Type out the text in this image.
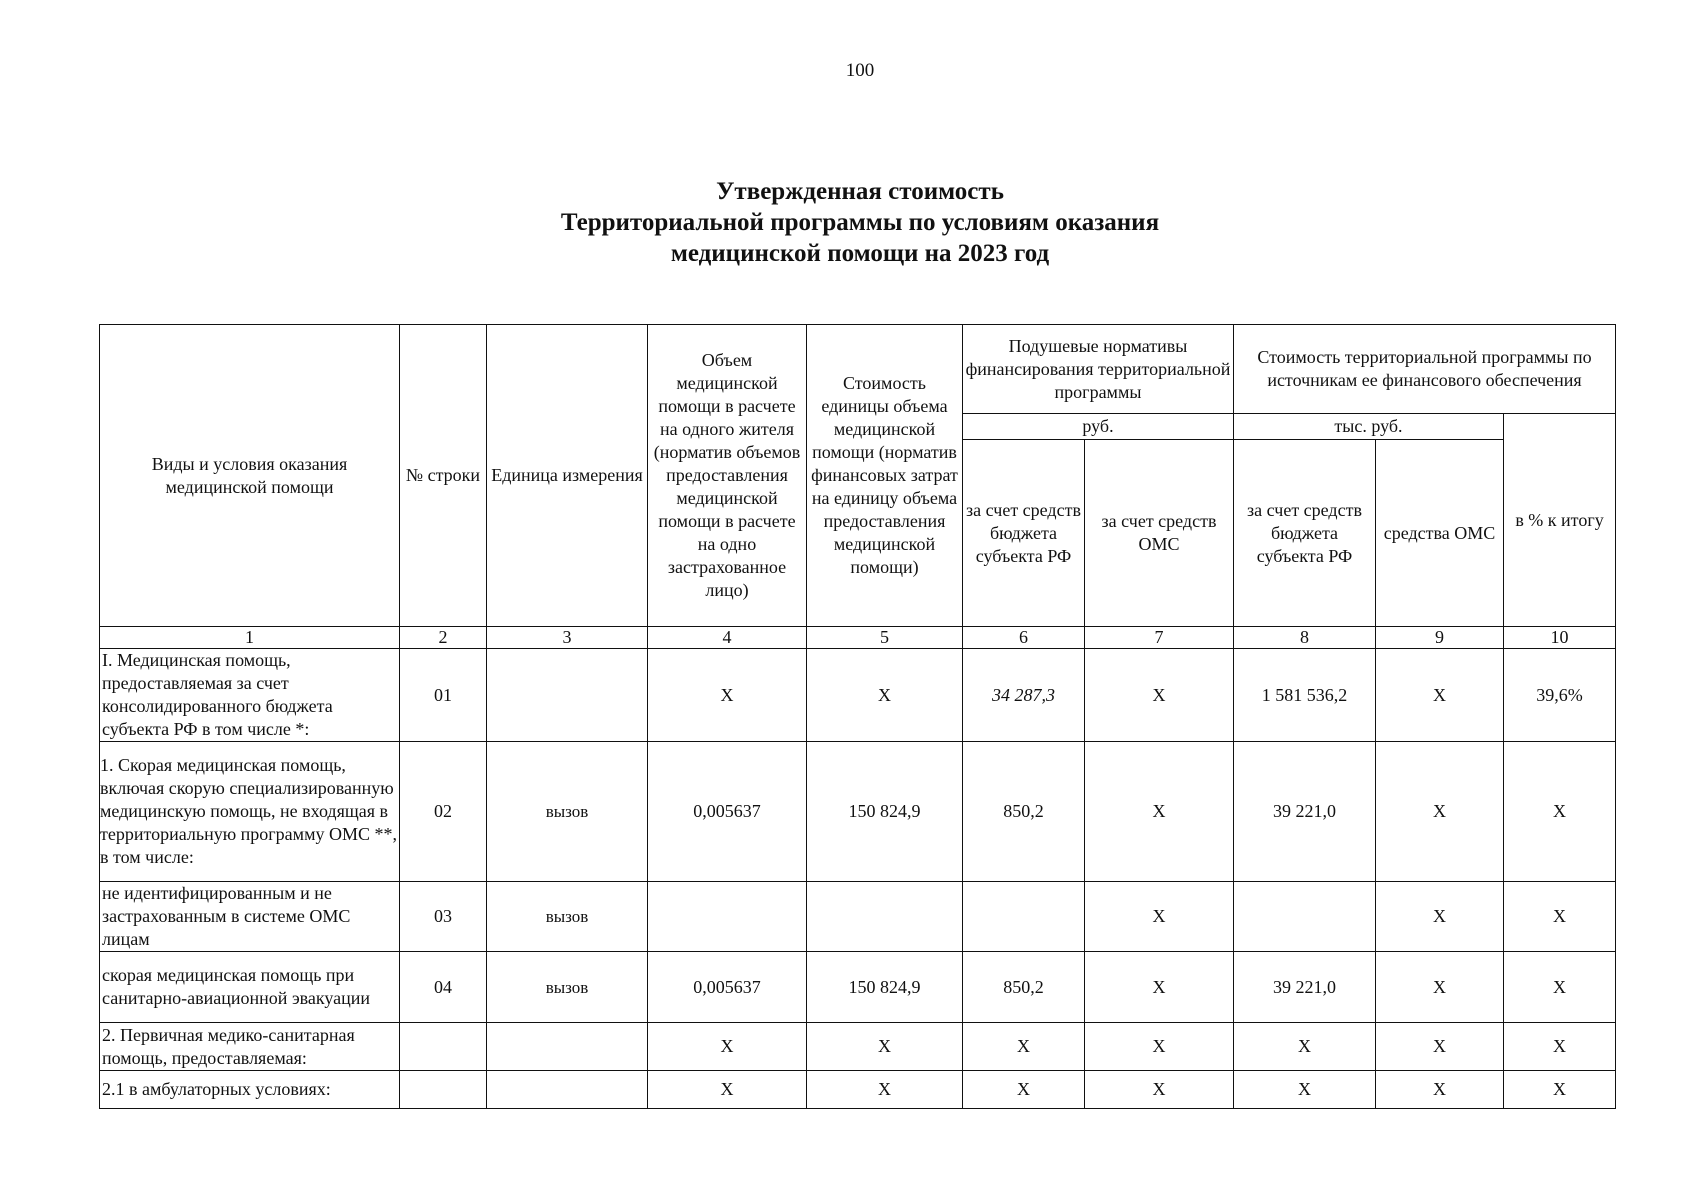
100
Утвержденная стоимость
Территориальной программы по условиям оказания
медицинской помощи на 2023 год
Виды и условия оказания медицинской помощи	№ строки	Единица измерения	Объем медицинской помощи в расчете на одного жителя (норматив объемов предоставления медицинской помощи в расчете на одно застрахованное лицо)	Стоимость единицы объема медицинской помощи (норматив финансовых затрат на единицу объема предоставления медицинской помощи)	Подушевые нормативы финансирования территориальной программы		Стоимость территориальной программы по источникам ее финансового обеспечения		
					руб.		тыс. руб.		в % к итогу
					за счет средств бюджета субъекта РФ	за счет средств ОМС	за счет средств бюджета субъекта РФ	средства ОМС	
1	2	3	4	5	6	7	8	9	10
I. Медицинская помощь, предоставляемая за счет консолидированного бюджета субъекта РФ в том числе *:	01		X	X	34 287,3	X	1 581 536,2	X	39,6%
1. Скорая медицинская помощь, включая скорую специализированную медицинскую помощь, не входящая в территориальную программу ОМС **, в том числе:	02	вызов	0,005637	150 824,9	850,2	X	39 221,0	X	X
не идентифицированным и не застрахованным в системе ОМС лицам	03	вызов				X		X	X
скорая медицинская помощь при санитарно-авиационной эвакуации	04	вызов	0,005637	150 824,9	850,2	X	39 221,0	X	X
2. Первичная медико-санитарная помощь, предоставляемая:			X	X	X	X	X	X	X
2.1 в амбулаторных условиях:			X	X	X	X	X	X	X
